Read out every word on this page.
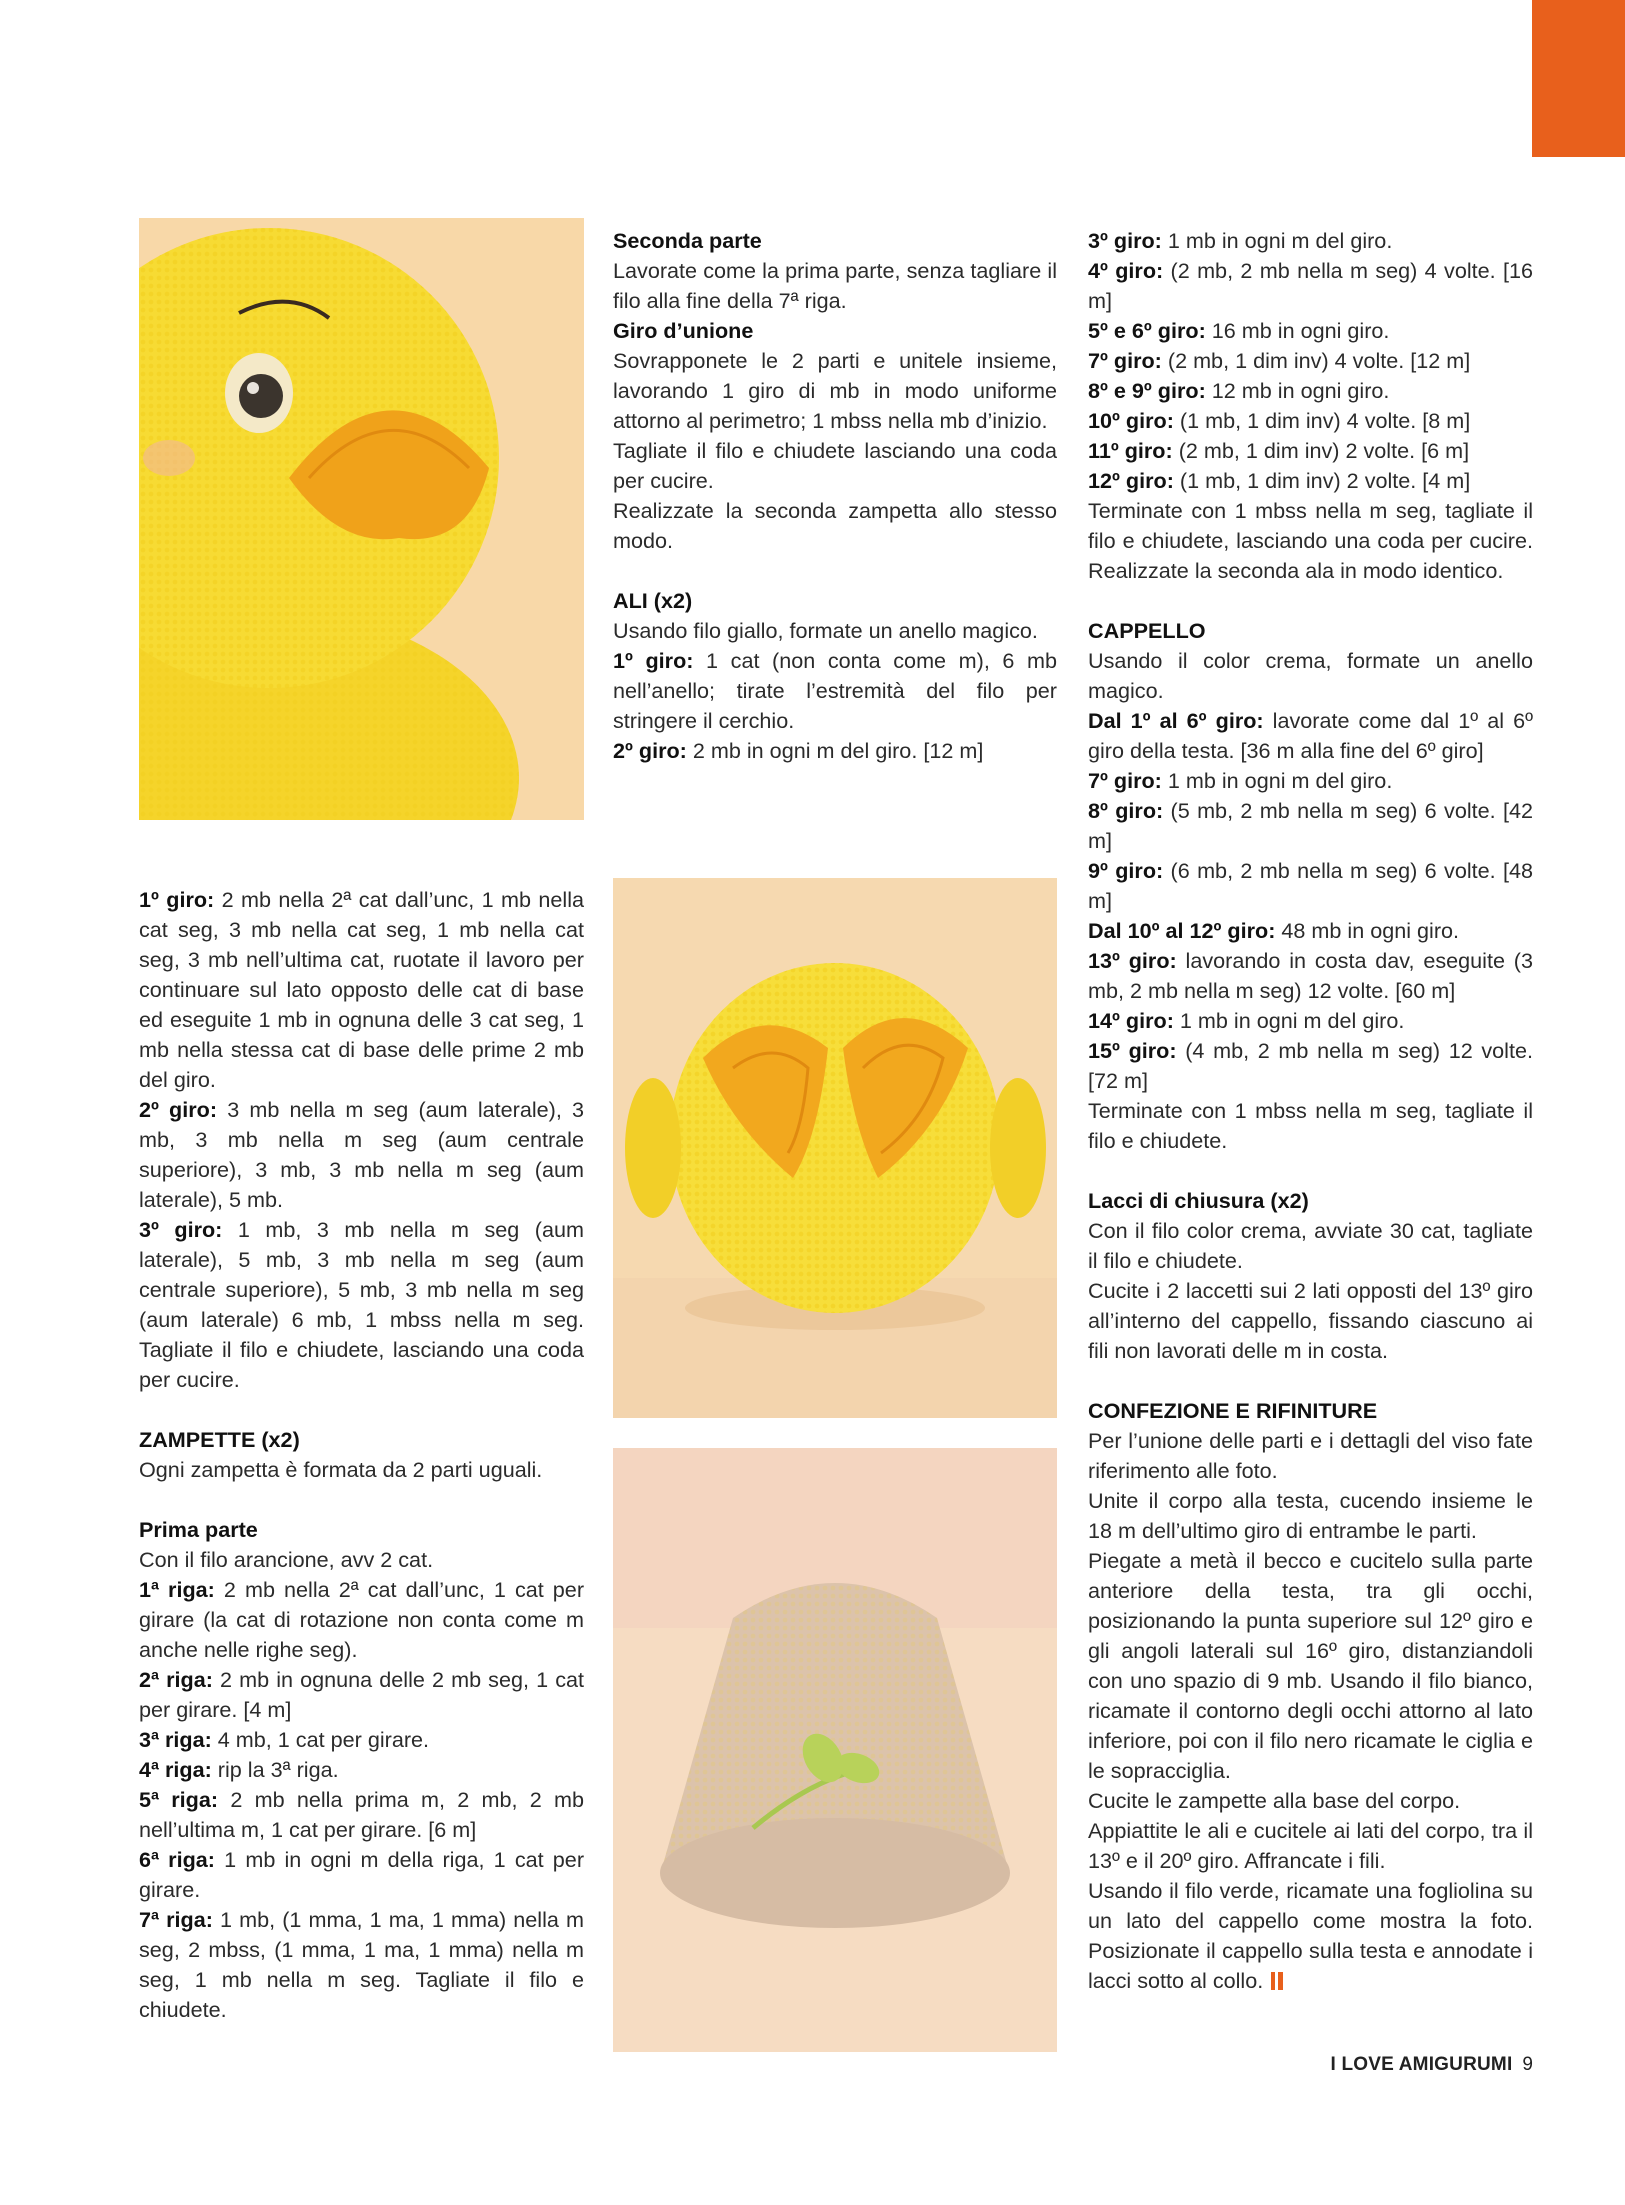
1º giro: 2 mb nella 2ª cat dall’unc, 1 mb nella cat seg, 3 mb nella cat seg, 1 mb nella cat seg, 3 mb nell’ultima cat, ruotate il lavoro per continuare sul lato opposto delle cat di base ed eseguite 1 mb in ognuna delle 3 cat seg, 1 mb nella stessa cat di base delle prime 2 mb del giro.

2º giro: 3 mb nella m seg (aum laterale), 3 mb, 3 mb nella m seg (aum centrale superiore), 3 mb, 3 mb nella m seg (aum laterale), 5 mb.

3º giro: 1 mb, 3 mb nella m seg (aum laterale), 5 mb, 3 mb nella m seg (aum centrale superiore), 5 mb, 3 mb nella m seg (aum laterale) 6 mb, 1 mbss nella m seg. Tagliate il filo e chiudete, lasciando una coda per cucire.

ZAMPETTE (x2)

Ogni zampetta è formata da 2 parti uguali.

Prima parte

Con il filo arancione, avv 2 cat.

1ª riga: 2 mb nella 2ª cat dall’unc, 1 cat per girare (la cat di rotazione non conta come m anche nelle righe seg).

2ª riga: 2 mb in ognuna delle 2 mb seg, 1 cat per girare. [4 m]

3ª riga: 4 mb, 1 cat per girare.

4ª riga: rip la 3ª riga.

5ª riga: 2 mb nella prima m, 2 mb, 2 mb nell’ultima m, 1 cat per girare. [6 m]

6ª riga: 1 mb in ogni m della riga, 1 cat per girare.

7ª riga: 1 mb, (1 mma, 1 ma, 1 mma) nella m seg, 2 mbss, (1 mma, 1 ma, 1 mma) nella m seg, 1 mb nella m seg. Tagliate il filo e chiudete.

Seconda parte

Lavorate come la prima parte, senza tagliare il filo alla fine della 7ª riga.

Giro d’unione

Sovrapponete le 2 parti e unitele insieme, lavorando 1 giro di mb in modo uniforme attorno al perimetro; 1 mbss nella mb d’inizio.

Tagliate il filo e chiudete lasciando una coda per cucire.

Realizzate la seconda zampetta allo stesso modo.

ALI (x2)

Usando filo giallo, formate un anello magico.

1º giro: 1 cat (non conta come m), 6 mb nell’anello; tirate l’estremità del filo per stringere il cerchio.

2º giro: 2 mb in ogni m del giro. [12 m]

3º giro: 1 mb in ogni m del giro.

4º giro: (2 mb, 2 mb nella m seg) 4 volte. [16 m]

5º e 6º giro: 16 mb in ogni giro.

7º giro: (2 mb, 1 dim inv) 4 volte. [12 m]

8º e 9º giro: 12 mb in ogni giro.

10º giro: (1 mb, 1 dim inv) 4 volte. [8 m]

11º giro: (2 mb, 1 dim inv) 2 volte. [6 m]

12º giro: (1 mb, 1 dim inv) 2 volte. [4 m]

Terminate con 1 mbss nella m seg, tagliate il filo e chiudete, lasciando una coda per cucire. Realizzate la seconda ala in modo identico.

CAPPELLO

Usando il color crema, formate un anello magico.

Dal 1º al 6º giro: lavorate come dal 1º al 6º giro della testa. [36 m alla fine del 6º giro]

7º giro: 1 mb in ogni m del giro.

8º giro: (5 mb, 2 mb nella m seg) 6 volte. [42 m]

9º giro: (6 mb, 2 mb nella m seg) 6 volte. [48 m]

Dal 10º al 12º giro: 48 mb in ogni giro.

13º giro: lavorando in costa dav, eseguite (3 mb, 2 mb nella m seg) 12 volte. [60 m]

14º giro: 1 mb in ogni m del giro.

15º giro: (4 mb, 2 mb nella m seg) 12 volte. [72 m]

Terminate con 1 mbss nella m seg, tagliate il filo e chiudete.

Lacci di chiusura (x2)

Con il filo color crema, avviate 30 cat, tagliate il filo e chiudete.

Cucite i 2 laccetti sui 2 lati opposti del 13º giro all’interno del cappello, fissando ciascuno ai fili non lavorati delle m in costa.

CONFEZIONE E RIFINITURE

Per l’unione delle parti e i dettagli del viso fate riferimento alle foto.

Unite il corpo alla testa, cucendo insieme le 18 m dell’ultimo giro di entrambe le parti.

Piegate a metà il becco e cucitelo sulla parte anteriore della testa, tra gli occhi, posizionando la punta superiore sul 12º giro e gli angoli laterali sul 16º giro, distanziandoli con uno spazio di 9 mb. Usando il filo bianco, ricamate il contorno degli occhi attorno al lato inferiore, poi con il filo nero ricamate le ciglia e le sopracciglia.

Cucite le zampette alla base del corpo.

Appiattite le ali e cucitele ai lati del corpo, tra il 13º e il 20º giro. Affrancate i fili.

Usando il filo verde, ricamate una fogliolina su un lato del cappello come mostra la foto. Posizionate il cappello sulla testa e annodate i lacci sotto al collo.

I LOVE AMIGURUMI 9
